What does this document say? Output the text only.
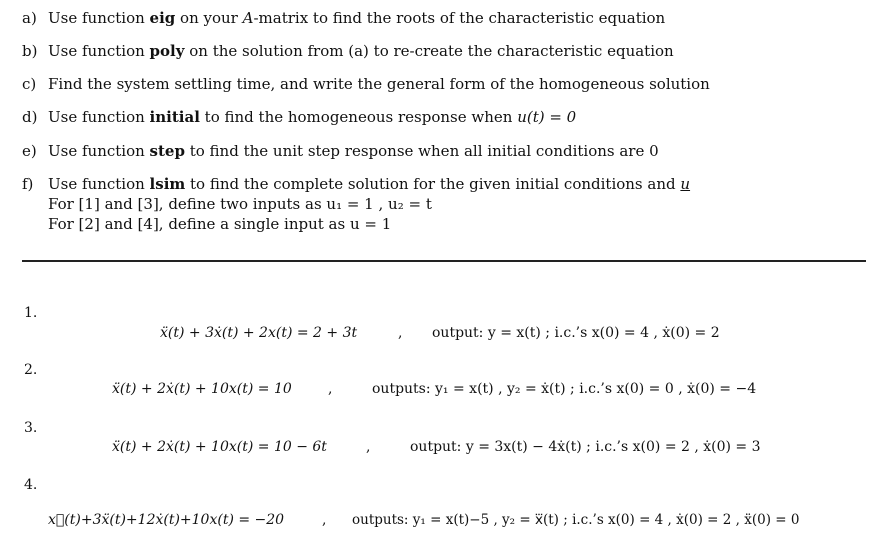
a) Use function eig on your A-matrix to find the roots of the characteristic equation
b) Use function poly on the solution from (a) to re-create the characteristic equation
c) Find the system settling time, and write the general form of the homogeneous solution
d) Use function initial to find the homogeneous response when u(t) = 0
e) Use function step to find the unit step response when all initial conditions are 0
f) Use function lsim to find the complete solution for the given initial conditions and u
For [1] and [3], define two inputs as u₁ = 1 , u₂ = t
For [2] and [4], define a single input as u = 1
1.
ẍ(t) + 3ẋ(t) + 2x(t) = 2 + 3t	, output: y = x(t) ; i.c.’s x(0) = 4 , ẋ(0) = 2
2.
ẍ(t) + 2ẋ(t) + 10x(t) = 10	,	outputs: y₁ = x(t) , y₂ = ẋ(t) ; i.c.’s x(0) = 0 , ẋ(0) = −4
3.
ẍ(t) + 2ẋ(t) + 10x(t) = 10 − 6t	,	output: y = 3x(t) − 4ẋ(t) ; i.c.’s x(0) = 2 , ẋ(0) = 3
4.
x⃛(t)+3ẍ(t)+12ẋ(t)+10x(t) = −20	, outputs: y₁ = x(t)−5 , y₂ = x⃛(t) ; i.c.’s x(0) = 4 , ẋ(0) = 2 , ẍ(0) = 0
